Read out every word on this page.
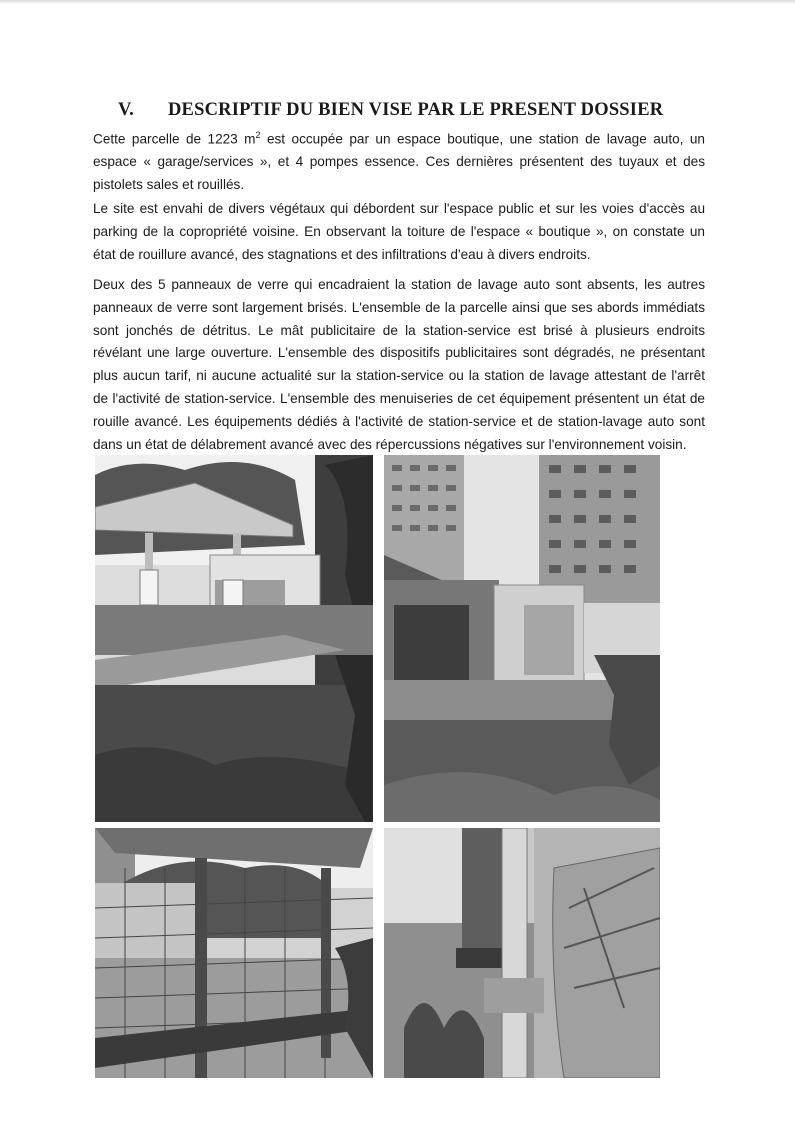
V. DESCRIPTIF DU BIEN VISE PAR LE PRESENT DOSSIER

Cette parcelle de 1223 $m^2$ est occupée par un espace boutique, une station de lavage auto, un espace « garage/services », et 4 pompes essence. Ces dernières présentent des tuyaux et des pistolets sales et rouillés.

Le site est envahi de divers végétaux qui débordent sur l'espace public et sur les voies d'accès au parking de la copropriété voisine. En observant la toiture de l'espace « boutique », on constate un état de rouillure avancé, des stagnations et des infiltrations d'eau à divers endroits.

Deux des 5 panneaux de verre qui encadraient la station de lavage auto sont absents, les autres panneaux de verre sont largement brisés. L'ensemble de la parcelle ainsi que ses abords immédiats sont jonchés de détritus. Le mât publicitaire de la station-service est brisé à plusieurs endroits révélant une large ouverture. L'ensemble des dispositifs publicitaires sont dégradés, ne présentant plus aucun tarif, ni aucune actualité sur la station-service ou la station de lavage attestant de l'arrêt de l'activité de station-service. L'ensemble des menuiseries de cet équipement présentent un état de rouille avancé. Les équipements dédiés à l'activité de station-service et de station-lavage auto sont dans un état de délabrement avancé avec des répercussions négatives sur l'environnement voisin.
